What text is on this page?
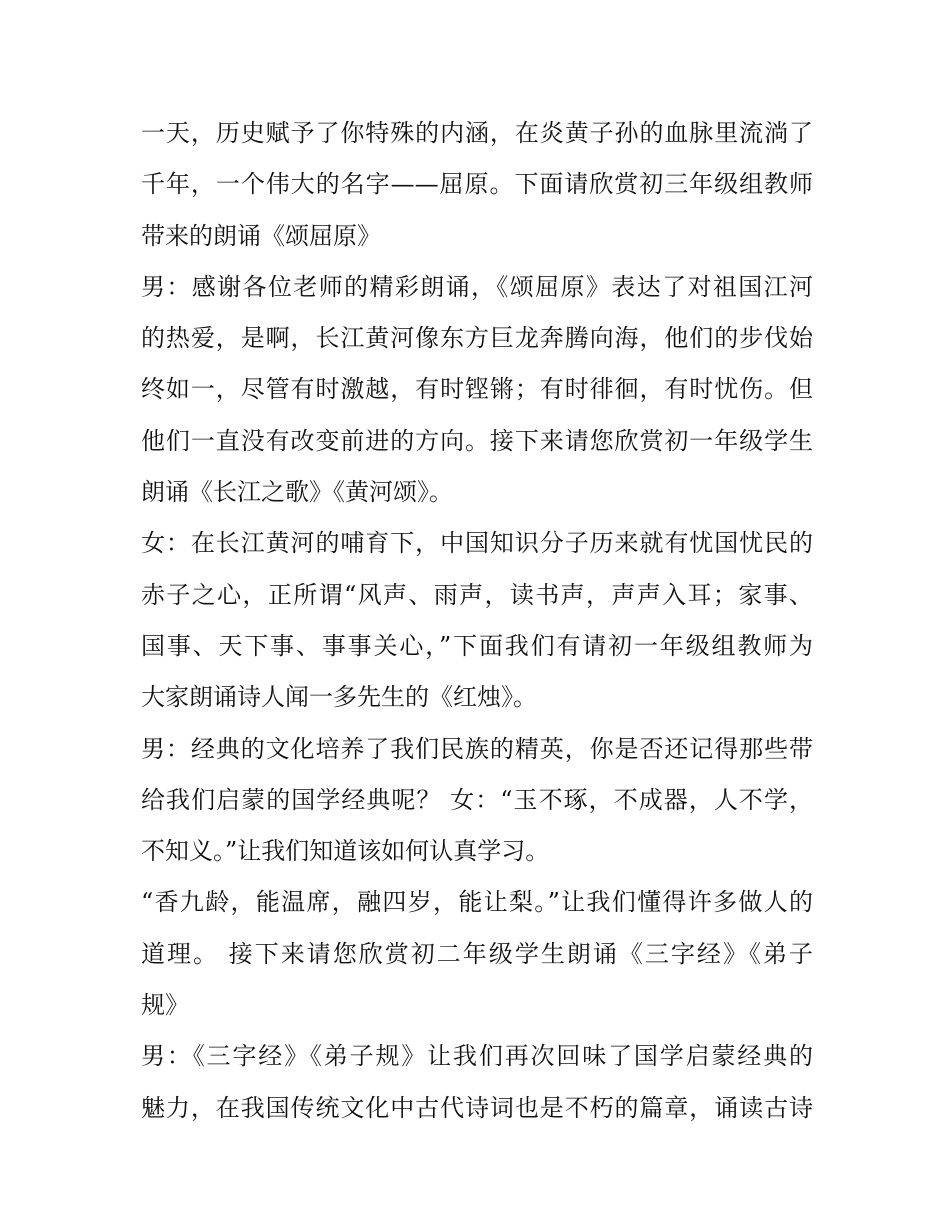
一天，历史赋予了你特殊的内涵，在炎黄子孙的血脉里流淌了
千年，一个伟大的名字——屈原。下面请欣赏初三年级组教师
带来的朗诵《颂屈原》
男：感谢各位老师的精彩朗诵，《颂屈原》表达了对祖国江河
的热爱，是啊，长江黄河像东方巨龙奔腾向海，他们的步伐始
终如一，尽管有时激越，有时铿锵；有时徘徊，有时忧伤。但
他们一直没有改变前进的方向。接下来请您欣赏初一年级学生
朗诵《长江之歌》《黄河颂》。
女：在长江黄河的哺育下，中国知识分子历来就有忧国忧民的
赤子之心，正所谓“风声、雨声，读书声，声声入耳；家事、
国事、天下事、事事关心，”下面我们有请初一年级组教师为
大家朗诵诗人闻一多先生的《红烛》。
男：经典的文化培养了我们民族的精英，你是否还记得那些带
给我们启蒙的国学经典呢？ 女：“玉不琢，不成器，人不学，
不知义。”让我们知道该如何认真学习。
“香九龄，能温席，融四岁，能让梨。”让我们懂得许多做人的
道理。 接下来请您欣赏初二年级学生朗诵《三字经》《弟子
规》
男：《三字经》《弟子规》让我们再次回味了国学启蒙经典的
魅力，在我国传统文化中古代诗词也是不朽的篇章，诵读古诗
